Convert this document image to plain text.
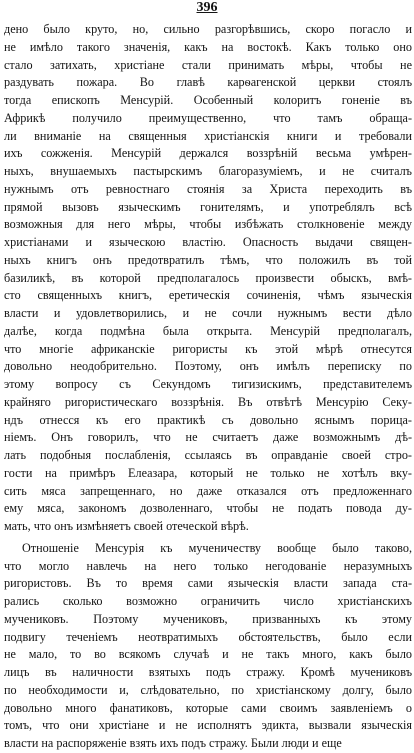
396
дено было круто, но, сильно разгорѣвшись, скоро погасло и
не имѣло такого значенія, какъ на востокѣ. Какъ только оно
стало затихать, христіане стали принимать мѣры, чтобы не
раздувать пожара. Во главѣ карѳагенской церкви стоялъ
тогда епископъ Менсурій. Особенный колоритъ гоненіе въ
Африкѣ получило преимущественно, что тамъ обраща-
ли вниманіе на священныя христіанскія книги и требовали
ихъ сожженія. Менсурій держался воззрѣній весьма умѣрен-
ныхъ, внушаемыхъ пастырскимъ благоразуміемъ, и не считалъ
нужнымъ отъ ревностнаго стоянія за Христа переходить въ
прямой вызовъ языческимъ гонителямъ, и употреблялъ всѣ
возможныя для него мѣры, чтобы избѣжать столкновеніе между
христіанами и языческою властію. Опасность выдачи священ-
ныхъ книгъ онъ предотвратилъ тѣмъ, что положилъ въ той
базиликѣ, въ которой предполагалось произвести обыскъ, вмѣ-
сто священныхъ книгъ, еретическія сочиненія, чѣмъ языческія
власти и удовлетворились, и не сочли нужнымъ вести дѣло
далѣе, когда подмѣна была открыта. Менсурій предполагалъ,
что многіе африканскіе ригористы къ этой мѣрѣ отнесутся
довольно неодобрительно. Поэтому, онъ имѣлъ переписку по
этому вопросу съ Секундомъ тигизискимъ, представителемъ
крайняго ригористическаго воззрѣнія. Въ отвѣтѣ Менсурію Секу-
ндъ отнесся къ его практикѣ съ довольно яснымъ порица-
ніемъ. Онъ говорилъ, что не считаетъ даже возможнымъ дѣ-
лать подобныя послабленія, ссылаясь въ оправданіе своей стро-
гости на примѣръ Елеазара, который не только не хотѣлъ вку-
сить мяса запрещеннаго, но даже отказался отъ предложеннаго
ему мяса, закономъ дозволеннаго, чтобы не подать повода ду-
мать, что онъ измѣняетъ своей отеческой вѣрѣ.
Отношеніе Менсурія къ мученичеству вообще было таково,
что могло навлечь на него только негодованіе неразумныхъ
ригористовъ. Въ то время сами языческія власти запада ста-
рались сколько возможно ограничить число христіанскихъ
мучениковъ. Поэтому мучениковъ, призванныхъ къ этому
подвигу теченіемъ неотвратимыхъ обстоятельствъ, было если
не мало, то во всякомъ случаѣ и не такъ много, какъ было
лицъ въ наличности взятыхъ подъ стражу. Кромѣ мучениковъ
по необходимости и, слѣдовательно, по христіанскому долгу, было
довольно много фанатиковъ, которые сами своимъ заявленіемъ о
томъ, что они христіане и не исполнятъ эдикта, вызвали языческія
власти на распоряженіе взять ихъ подъ стражу. Были люди и еще
